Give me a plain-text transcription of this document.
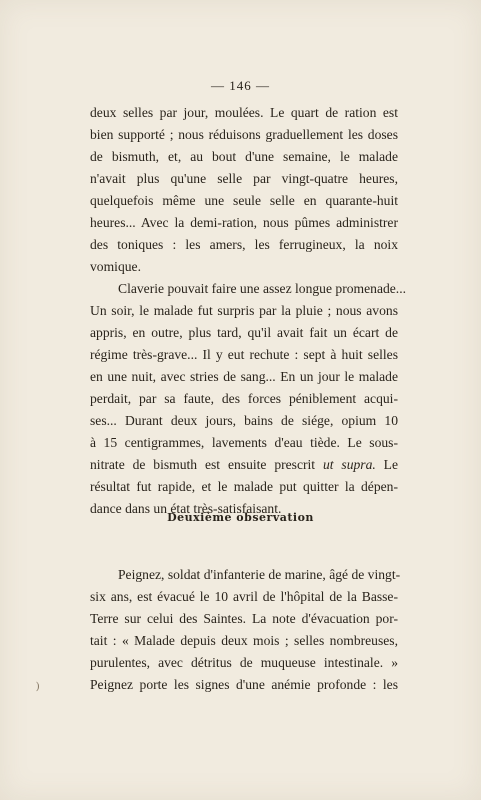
— 146 —
deux selles par jour, moulées. Le quart de ration est
bien supporté ; nous réduisons graduellement les doses
de bismuth, et, au bout d'une semaine, le malade
n'avait plus qu'une selle par vingt-quatre heures,
quelquefois même une seule selle en quarante-huit
heures... Avec la demi-ration, nous pûmes administrer
des toniques : les amers, les ferrugineux, la noix
vomique.
Claverie pouvait faire une assez longue promenade...
Un soir, le malade fut surpris par la pluie ; nous avons
appris, en outre, plus tard, qu'il avait fait un écart de
régime très-grave... Il y eut rechute : sept à huit selles
en une nuit, avec stries de sang... En un jour le malade
perdait, par sa faute, des forces péniblement acqui-
ses... Durant deux jours, bains de siége, opium 10
à 15 centigrammes, lavements d'eau tiède. Le sous-
nitrate de bismuth est ensuite prescrit ut supra. Le
résultat fut rapide, et le malade put quitter la dépen-
dance dans un état très-satisfaisant.
Deuxième observation
Peignez, soldat d'infanterie de marine, âgé de vingt-
six ans, est évacué le 10 avril de l'hôpital de la Basse-
Terre sur celui des Saintes. La note d'évacuation por-
tait : « Malade depuis deux mois ; selles nombreuses,
purulentes, avec détritus de muqueuse intestinale. »
Peignez porte les signes d'une anémie profonde : les
)
